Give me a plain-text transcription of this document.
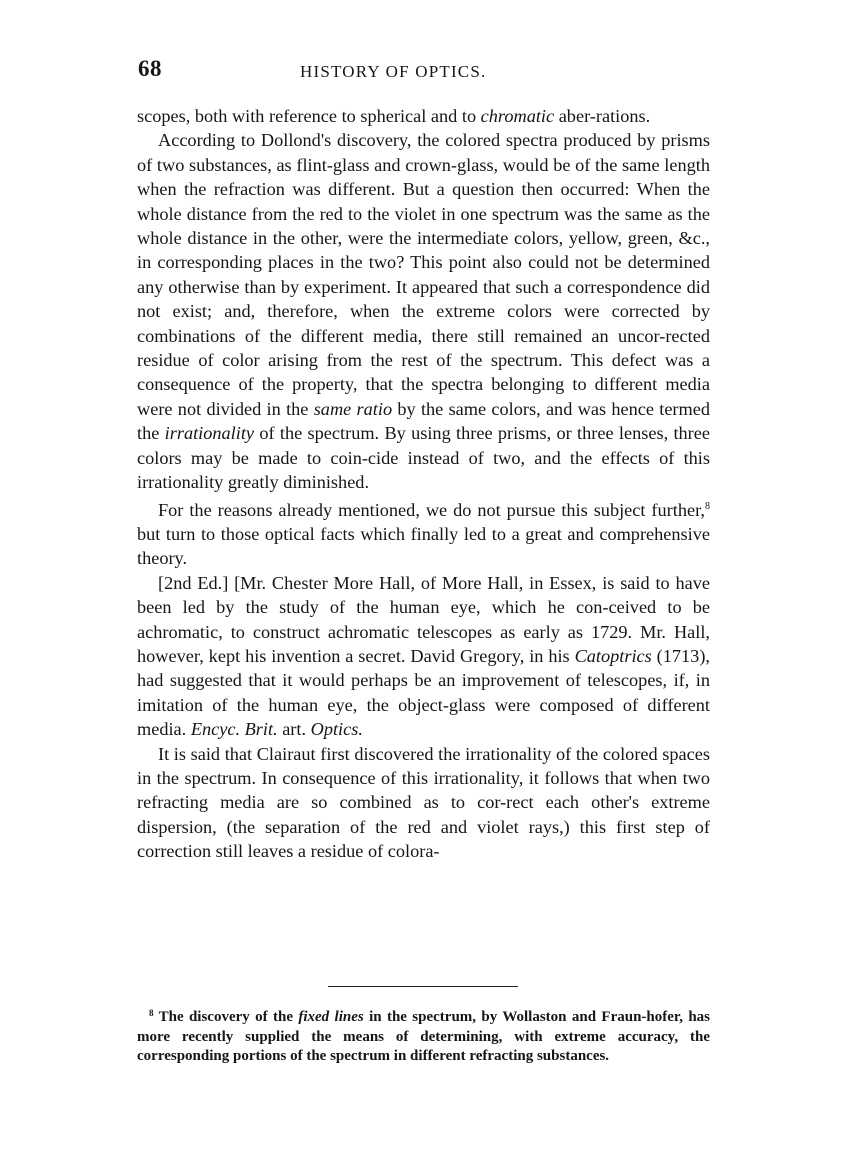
68	HISTORY OF OPTICS.

scopes, both with reference to spherical and to chromatic aber-rations.

According to Dollond's discovery, the colored spectra produced by prisms of two substances, as flint-glass and crown-glass, would be of the same length when the refraction was different. But a question then occurred: When the whole distance from the red to the violet in one spectrum was the same as the whole distance in the other, were the intermediate colors, yellow, green, &c., in corresponding places in the two? This point also could not be determined any otherwise than by experiment. It appeared that such a correspondence did not exist; and, therefore, when the extreme colors were corrected by combinations of the different media, there still remained an uncor-rected residue of color arising from the rest of the spectrum. This defect was a consequence of the property, that the spectra belonging to different media were not divided in the same ratio by the same colors, and was hence termed the irrationality of the spectrum. By using three prisms, or three lenses, three colors may be made to coin-cide instead of two, and the effects of this irrationality greatly diminished.

For the reasons already mentioned, we do not pursue this subject further,$^8$ but turn to those optical facts which finally led to a great and comprehensive theory.

[2nd Ed.] [Mr. Chester More Hall, of More Hall, in Essex, is said to have been led by the study of the human eye, which he con-ceived to be achromatic, to construct achromatic telescopes as early as 1729. Mr. Hall, however, kept his invention a secret. David Gregory, in his Catoptrics (1713), had suggested that it would perhaps be an improvement of telescopes, if, in imitation of the human eye, the object-glass were composed of different media. Encyc. Brit. art. Optics.

It is said that Clairaut first discovered the irrationality of the colored spaces in the spectrum. In consequence of this irrationality, it follows that when two refracting media are so combined as to cor-rect each other's extreme dispersion, (the separation of the red and violet rays,) this first step of correction still leaves a residue of colora-

$^8$ The discovery of the fixed lines in the spectrum, by Wollaston and Fraun-hofer, has more recently supplied the means of determining, with extreme accuracy, the corresponding portions of the spectrum in different refracting substances.
